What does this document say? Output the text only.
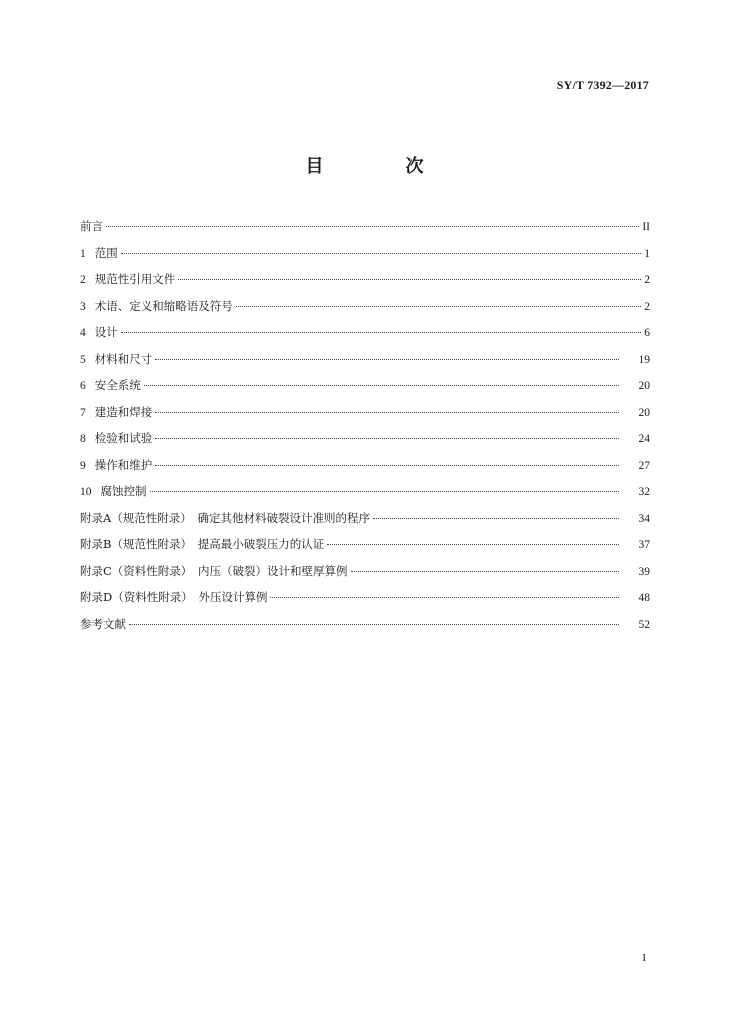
SY/T 7392—2017
目　次
前言	II
1 范围	1
2 规范性引用文件	2
3 术语、定义和缩略语及符号	2
4 设计	6
5 材料和尺寸	19
6 安全系统	20
7 建造和焊接	20
8 检验和试验	24
9 操作和维护	27
10 腐蚀控制	32
附录A（规范性附录）　确定其他材料破裂设计准则的程序	34
附录B（规范性附录）　提高最小破裂压力的认证	37
附录C（资料性附录）　内压（破裂）设计和壁厚算例	39
附录D（资料性附录）　外压设计算例	48
参考文献	52
I
